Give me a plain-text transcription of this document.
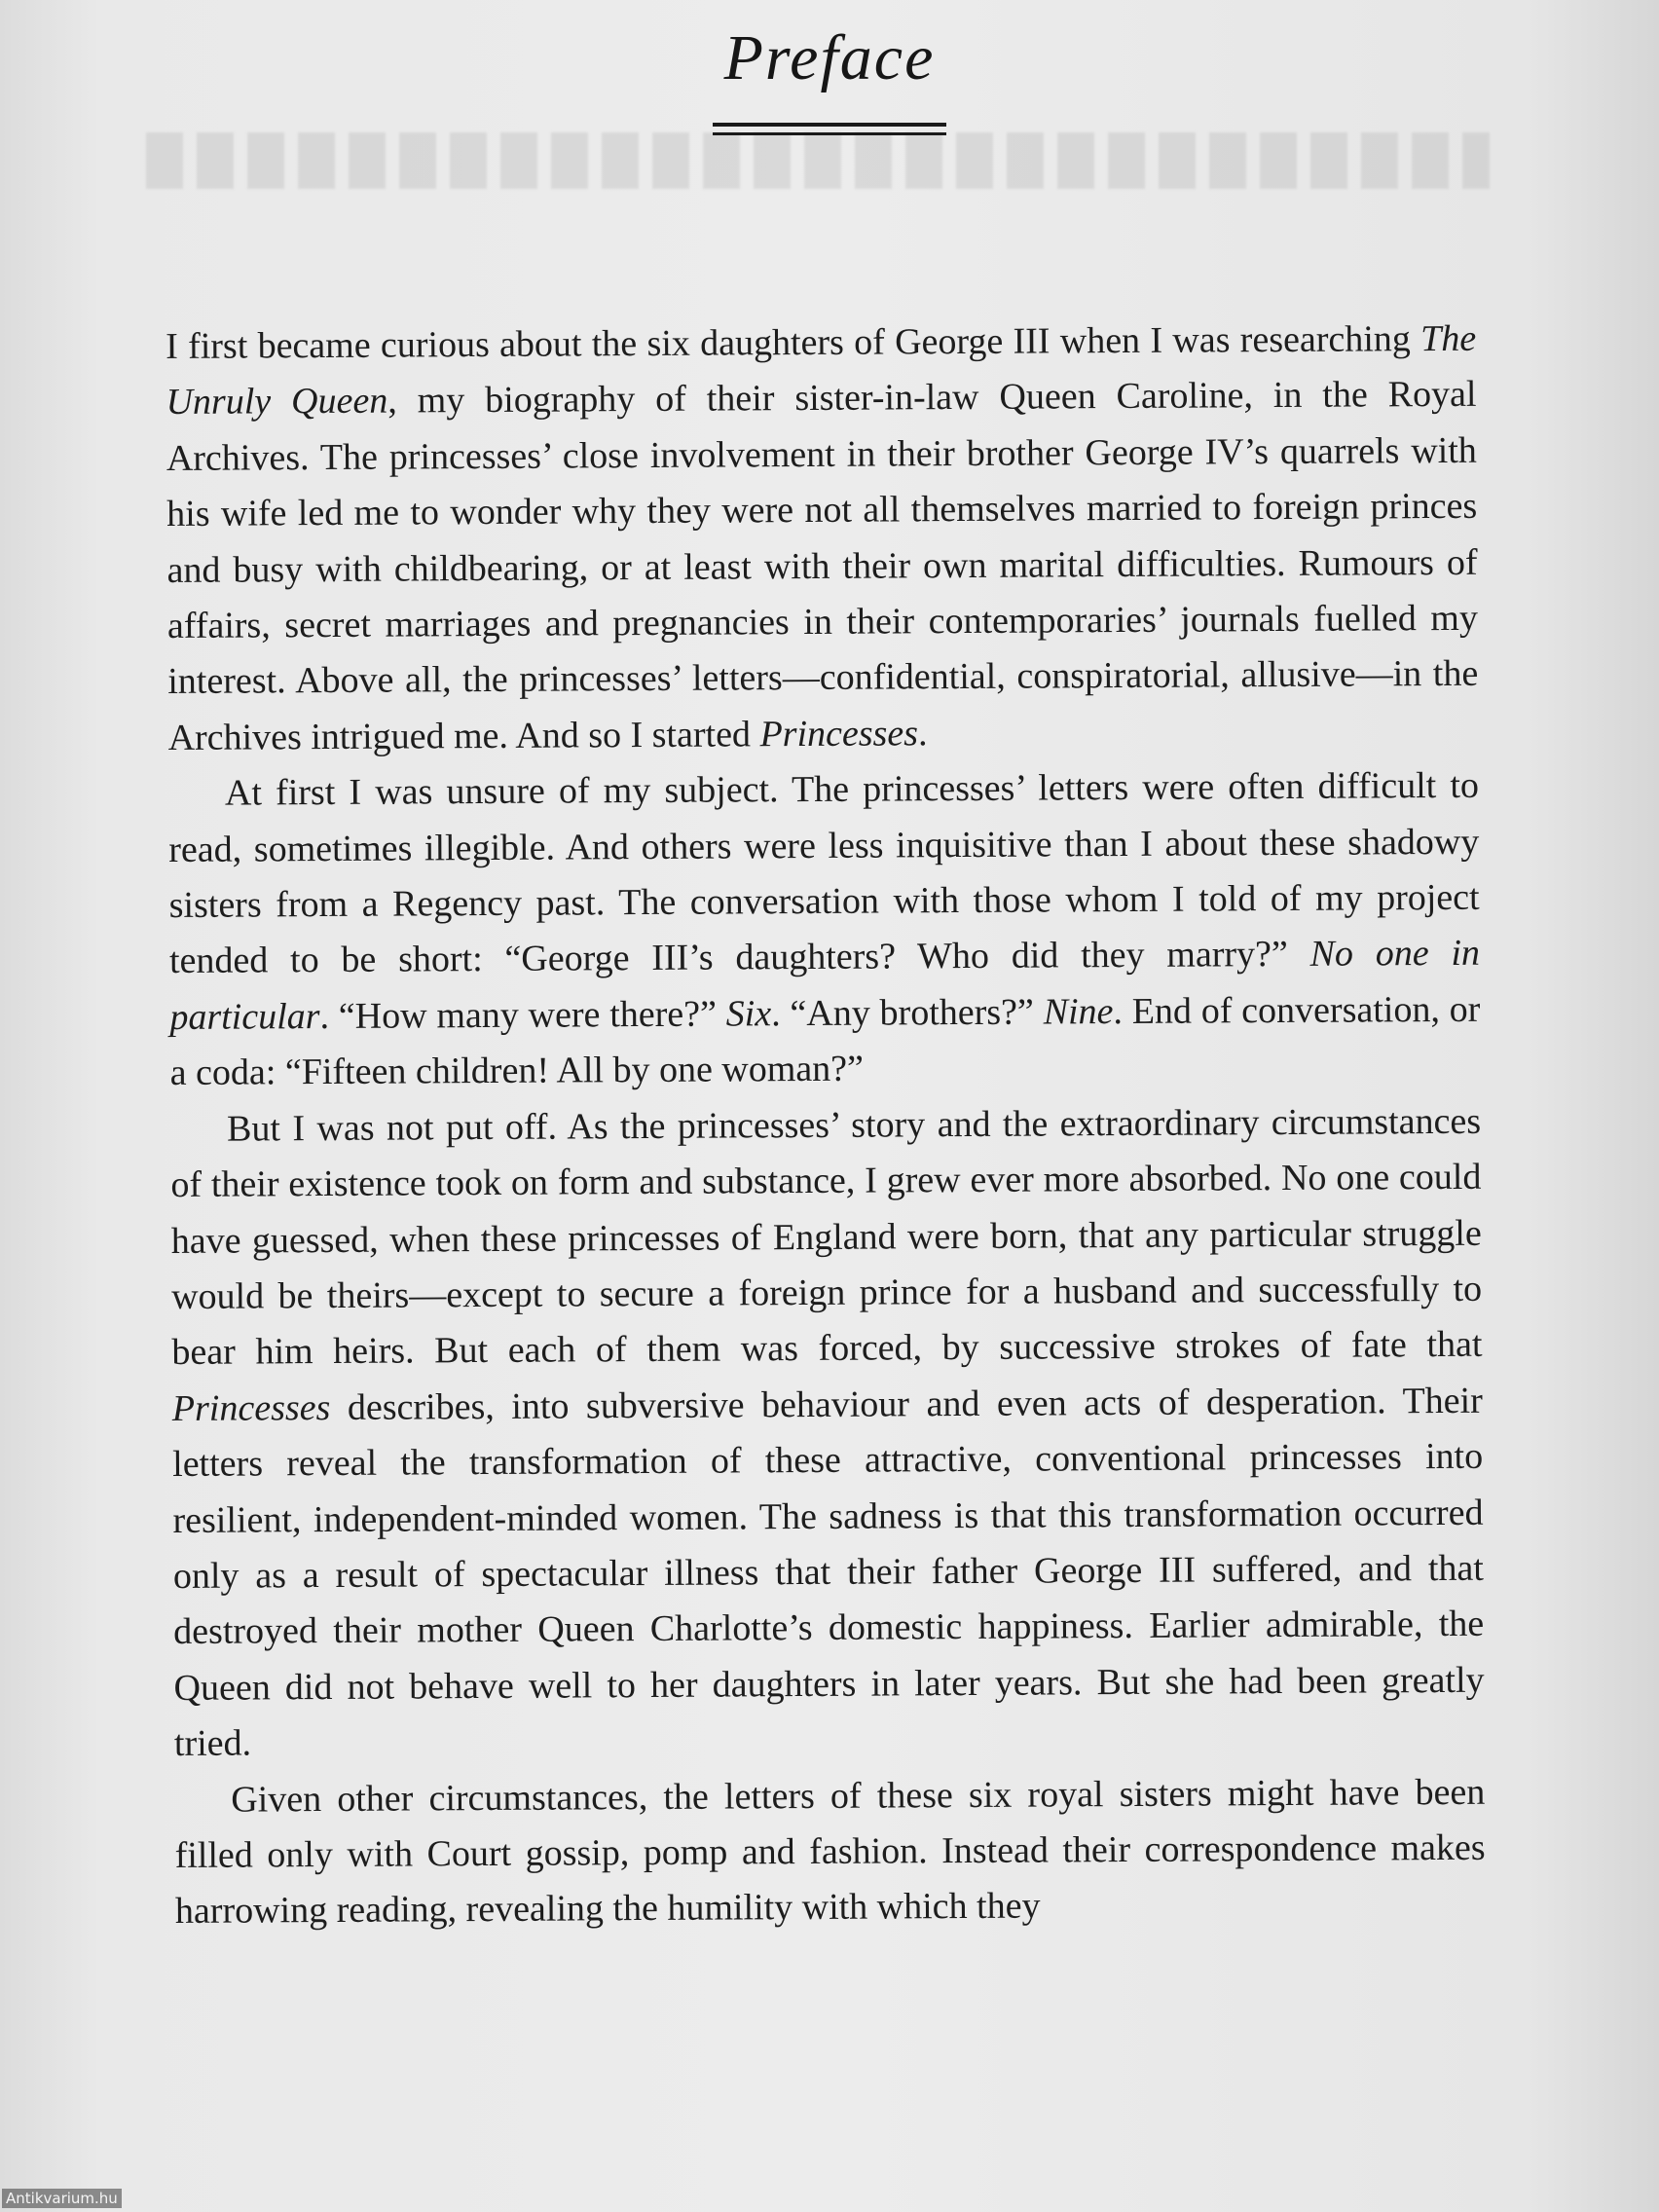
Preface

I first became curious about the six daughters of George III when I was researching The Unruly Queen, my biography of their sister-in-law Queen Caroline, in the Royal Archives. The princesses’ close involvement in their brother George IV’s quarrels with his wife led me to wonder why they were not all themselves married to foreign princes and busy with childbearing, or at least with their own marital difficulties. Rumours of affairs, secret marriages and pregnancies in their contemporaries’ journals fuelled my interest. Above all, the princesses’ letters—confidential, conspiratorial, allusive—in the Archives intrigued me. And so I started Princesses.

At first I was unsure of my subject. The princesses’ letters were often difficult to read, sometimes illegible. And others were less inquisitive than I about these shadowy sisters from a Regency past. The conversation with those whom I told of my project tended to be short: “George III’s daughters? Who did they marry?” No one in particular. “How many were there?” Six. “Any brothers?” Nine. End of conversation, or a coda: “Fifteen children! All by one woman?”

But I was not put off. As the princesses’ story and the extraordinary circumstances of their existence took on form and substance, I grew ever more absorbed. No one could have guessed, when these princesses of England were born, that any particular struggle would be theirs—except to secure a foreign prince for a husband and successfully to bear him heirs. But each of them was forced, by successive strokes of fate that Princesses describes, into subversive behaviour and even acts of desperation. Their letters reveal the transformation of these attractive, conventional princesses into resilient, independent-minded women. The sadness is that this transformation occurred only as a result of spectacular illness that their father George III suffered, and that destroyed their mother Queen Charlotte’s domestic happiness. Earlier admirable, the Queen did not behave well to her daughters in later years. But she had been greatly tried.

Given other circumstances, the letters of these six royal sisters might have been filled only with Court gossip, pomp and fashion. Instead their correspondence makes harrowing reading, revealing the humility with which they

Antikvarium.hu
